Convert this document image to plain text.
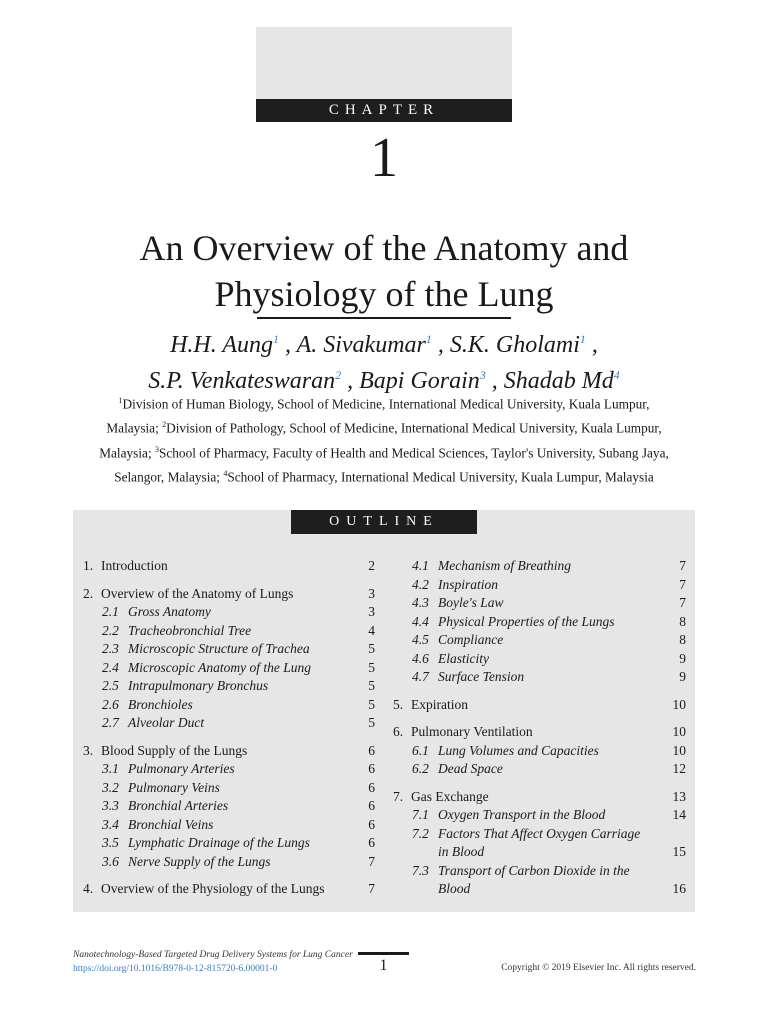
CHAPTER
1
An Overview of the Anatomy and
Physiology of the Lung
H.H. Aung$^1$ , A. Sivakumar$^1$ , S.K. Gholami$^1$ ,
S.P. Venkateswaran$^2$ , Bapi Gorain$^3$ , Shadab Md$^4$
$^1$Division of Human Biology, School of Medicine, International Medical University, Kuala Lumpur,
Malaysia; $^2$Division of Pathology, School of Medicine, International Medical University, Kuala Lumpur,
Malaysia; $^3$School of Pharmacy, Faculty of Health and Medical Sciences, Taylor's University, Subang Jaya,
Selangor, Malaysia; $^4$School of Pharmacy, International Medical University, Kuala Lumpur, Malaysia
OUTLINE
1. Introduction	2
2. Overview of the Anatomy of Lungs	3
2.1 Gross Anatomy	3
2.2 Tracheobronchial Tree	4
2.3 Microscopic Structure of Trachea	5
2.4 Microscopic Anatomy of the Lung	5
2.5 Intrapulmonary Bronchus	5
2.6 Bronchioles	5
2.7 Alveolar Duct	5
3. Blood Supply of the Lungs	6
3.1 Pulmonary Arteries	6
3.2 Pulmonary Veins	6
3.3 Bronchial Arteries	6
3.4 Bronchial Veins	6
3.5 Lymphatic Drainage of the Lungs	6
3.6 Nerve Supply of the Lungs	7
4. Overview of the Physiology of the Lungs	7
4.1 Mechanism of Breathing	7
4.2 Inspiration	7
4.3 Boyle's Law	7
4.4 Physical Properties of the Lungs	8
4.5 Compliance	8
4.6 Elasticity	9
4.7 Surface Tension	9
5. Expiration	10
6. Pulmonary Ventilation	10
6.1 Lung Volumes and Capacities	10
6.2 Dead Space	12
7. Gas Exchange	13
7.1 Oxygen Transport in the Blood	14
7.2 Factors That Affect Oxygen Carriage
in Blood	15
7.3 Transport of Carbon Dioxide in the
Blood	16
Nanotechnology-Based Targeted Drug Delivery Systems for Lung Cancer
https://doi.org/10.1016/B978-0-12-815720-6.00001-0	1	Copyright © 2019 Elsevier Inc. All rights reserved.
